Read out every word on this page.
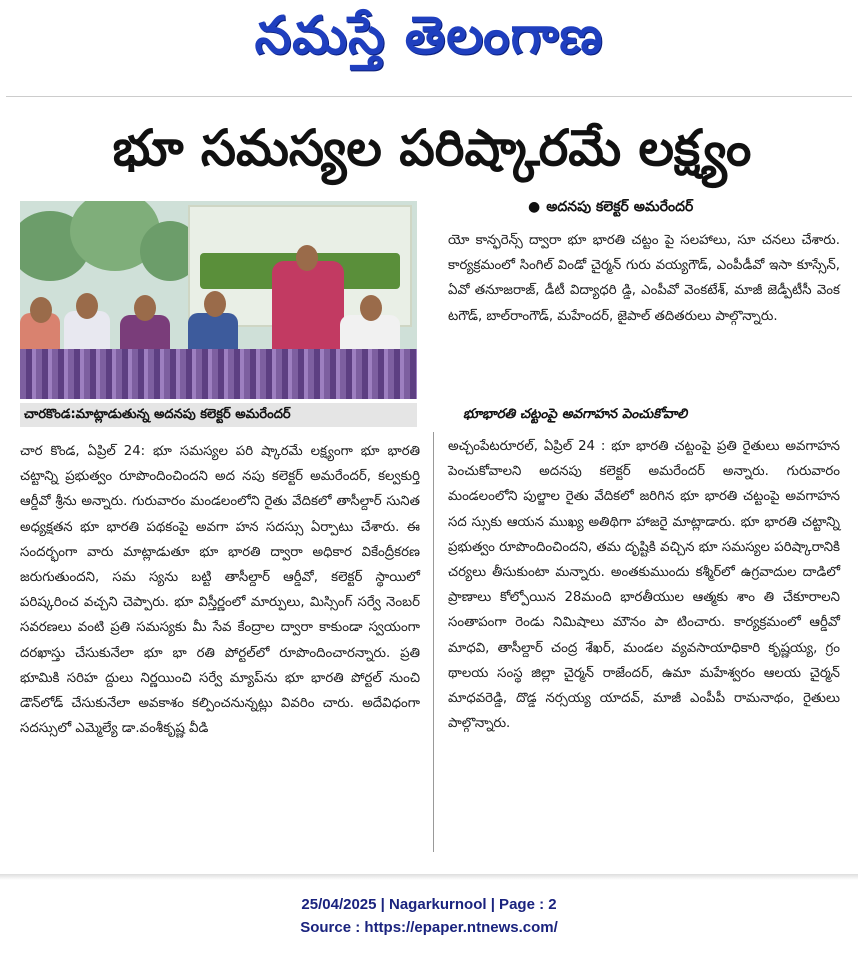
నమస్తే తెలంగాణ
భూ సమస్యల పరిష్కారమే లక్ష్యం
చారకొండ:మాట్లాడుతున్న అదనపు కలెక్టర్ అమరేందర్
● అదనపు కలెక్టర్ అమరేందర్

చార కొండ, ఏప్రిల్ 24: భూ సమస్యల పరి ష్కారమే లక్ష్యంగా భూ భారతి చట్టాన్ని ప్రభుత్వం రూపొందించిందని అద నపు కలెక్టర్ అమరేందర్, కల్వకుర్తి ఆర్డీవో శ్రీను అన్నారు. గురువారం మండలంలోని రైతు వేదికలో తాసీల్దార్ సునిత అధ్యక్షతన భూ భారతి పథకంపై అవగా హన సదస్సు ఏర్పాటు చేశారు. ఈ సందర్భంగా వారు మాట్లాడుతూ భూ భారతి ద్వారా అధికార వికేంద్రీకరణ జరుగుతుందని, సమ స్యను బట్టి తాసీల్దార్ ఆర్డీవో, కలెక్టర్ స్థాయిలో పరిష్కరించ వచ్చని చెప్పారు. భూ విస్తీర్ణంలో మార్పులు, మిస్సింగ్ సర్వే నెంబర్ సవరణలు వంటి ప్రతి సమస్యకు మీ సేవ కేంద్రాల ద్వారా కాకుండా స్వయంగా దరఖాస్తు చేసుకునేలా భూ భా రతి పోర్టల్‌లో రూపొందించారన్నారు. ప్రతి భూమికి సరిహ ద్దులు నిర్ణయించి సర్వే మ్యాప్‌ను భూ భారతి పోర్టల్ నుంచి డౌన్‌లోడ్ చేసుకునేలా అవకాశం కల్పించనున్నట్లు వివరిం చారు. అదేవిధంగా సదస్సులో ఎమ్మెల్యే డా.వంశీకృష్ణ వీడి

యో కాన్ఫరెన్స్ ద్వారా భూ భారతి చట్టం పై సలహాలు, సూ చనలు చేశారు. కార్యక్రమంలో సింగిల్ విండో చైర్మన్ గురు వయ్యగౌడ్, ఎంపీడీవో ఇసా కూస్సేన్, ఏవో తనూజరాజ్, డీటీ విద్యాధరి డ్డి, ఎంపీవో వెంకటేశ్, మాజీ జెడ్పీటీసీ వెంక టగౌడ్, బాల్‌రాంగౌడ్, మహేందర్, జైపాల్ తదితరులు పాల్గొన్నారు.

భూభారతి చట్టంపై అవగాహన పెంచుకోవాలి

అచ్చంపేటరూరల్, ఏప్రిల్ 24 : భూ భారతి చట్టంపై ప్రతి రైతులు అవగాహన పెంచుకోవాలని అదనపు కలెక్టర్ అమరేందర్ అన్నారు. గురువారం మండలంలోని పుల్జాల రైతు వేదికలో జరిగిన భూ భారతి చట్టంపై అవగాహన సద స్సుకు ఆయన ముఖ్య అతిథిగా హాజరై మాట్లాడారు. భూ భారతి చట్టాన్ని ప్రభుత్వం రూపొందించిందని, తమ దృష్టికి వచ్చిన భూ సమస్యల పరిష్కారానికి చర్యలు తీసుకుంటా మన్నారు. అంతకుముందు కశ్మీర్‌లో ఉగ్రవాదుల దాడిలో ప్రాణాలు కోల్పోయిన 28మంది భారతీయుల ఆత్మకు శాం తి చేకూరాలని సంతాపంగా రెండు నిమిషాలు మౌనం పా టించారు. కార్యక్రమంలో ఆర్డీవో మాధవి, తాసీల్దార్ చంద్ర శేఖర్, మండల వ్యవసాయాధికారి కృష్ణయ్య, గ్రం థాలయ సంస్థ జిల్లా చైర్మన్ రాజేందర్, ఉమా మహేశ్వరం ఆలయ చైర్మన్ మాధవరెడ్డి, దొడ్డ నర్సయ్య యాదవ్, మాజీ ఎంపీపీ రామనాథం, రైతులు పాల్గొన్నారు.

25/04/2025 | Nagarkurnool | Page : 2
Source : https://epaper.ntnews.com/
